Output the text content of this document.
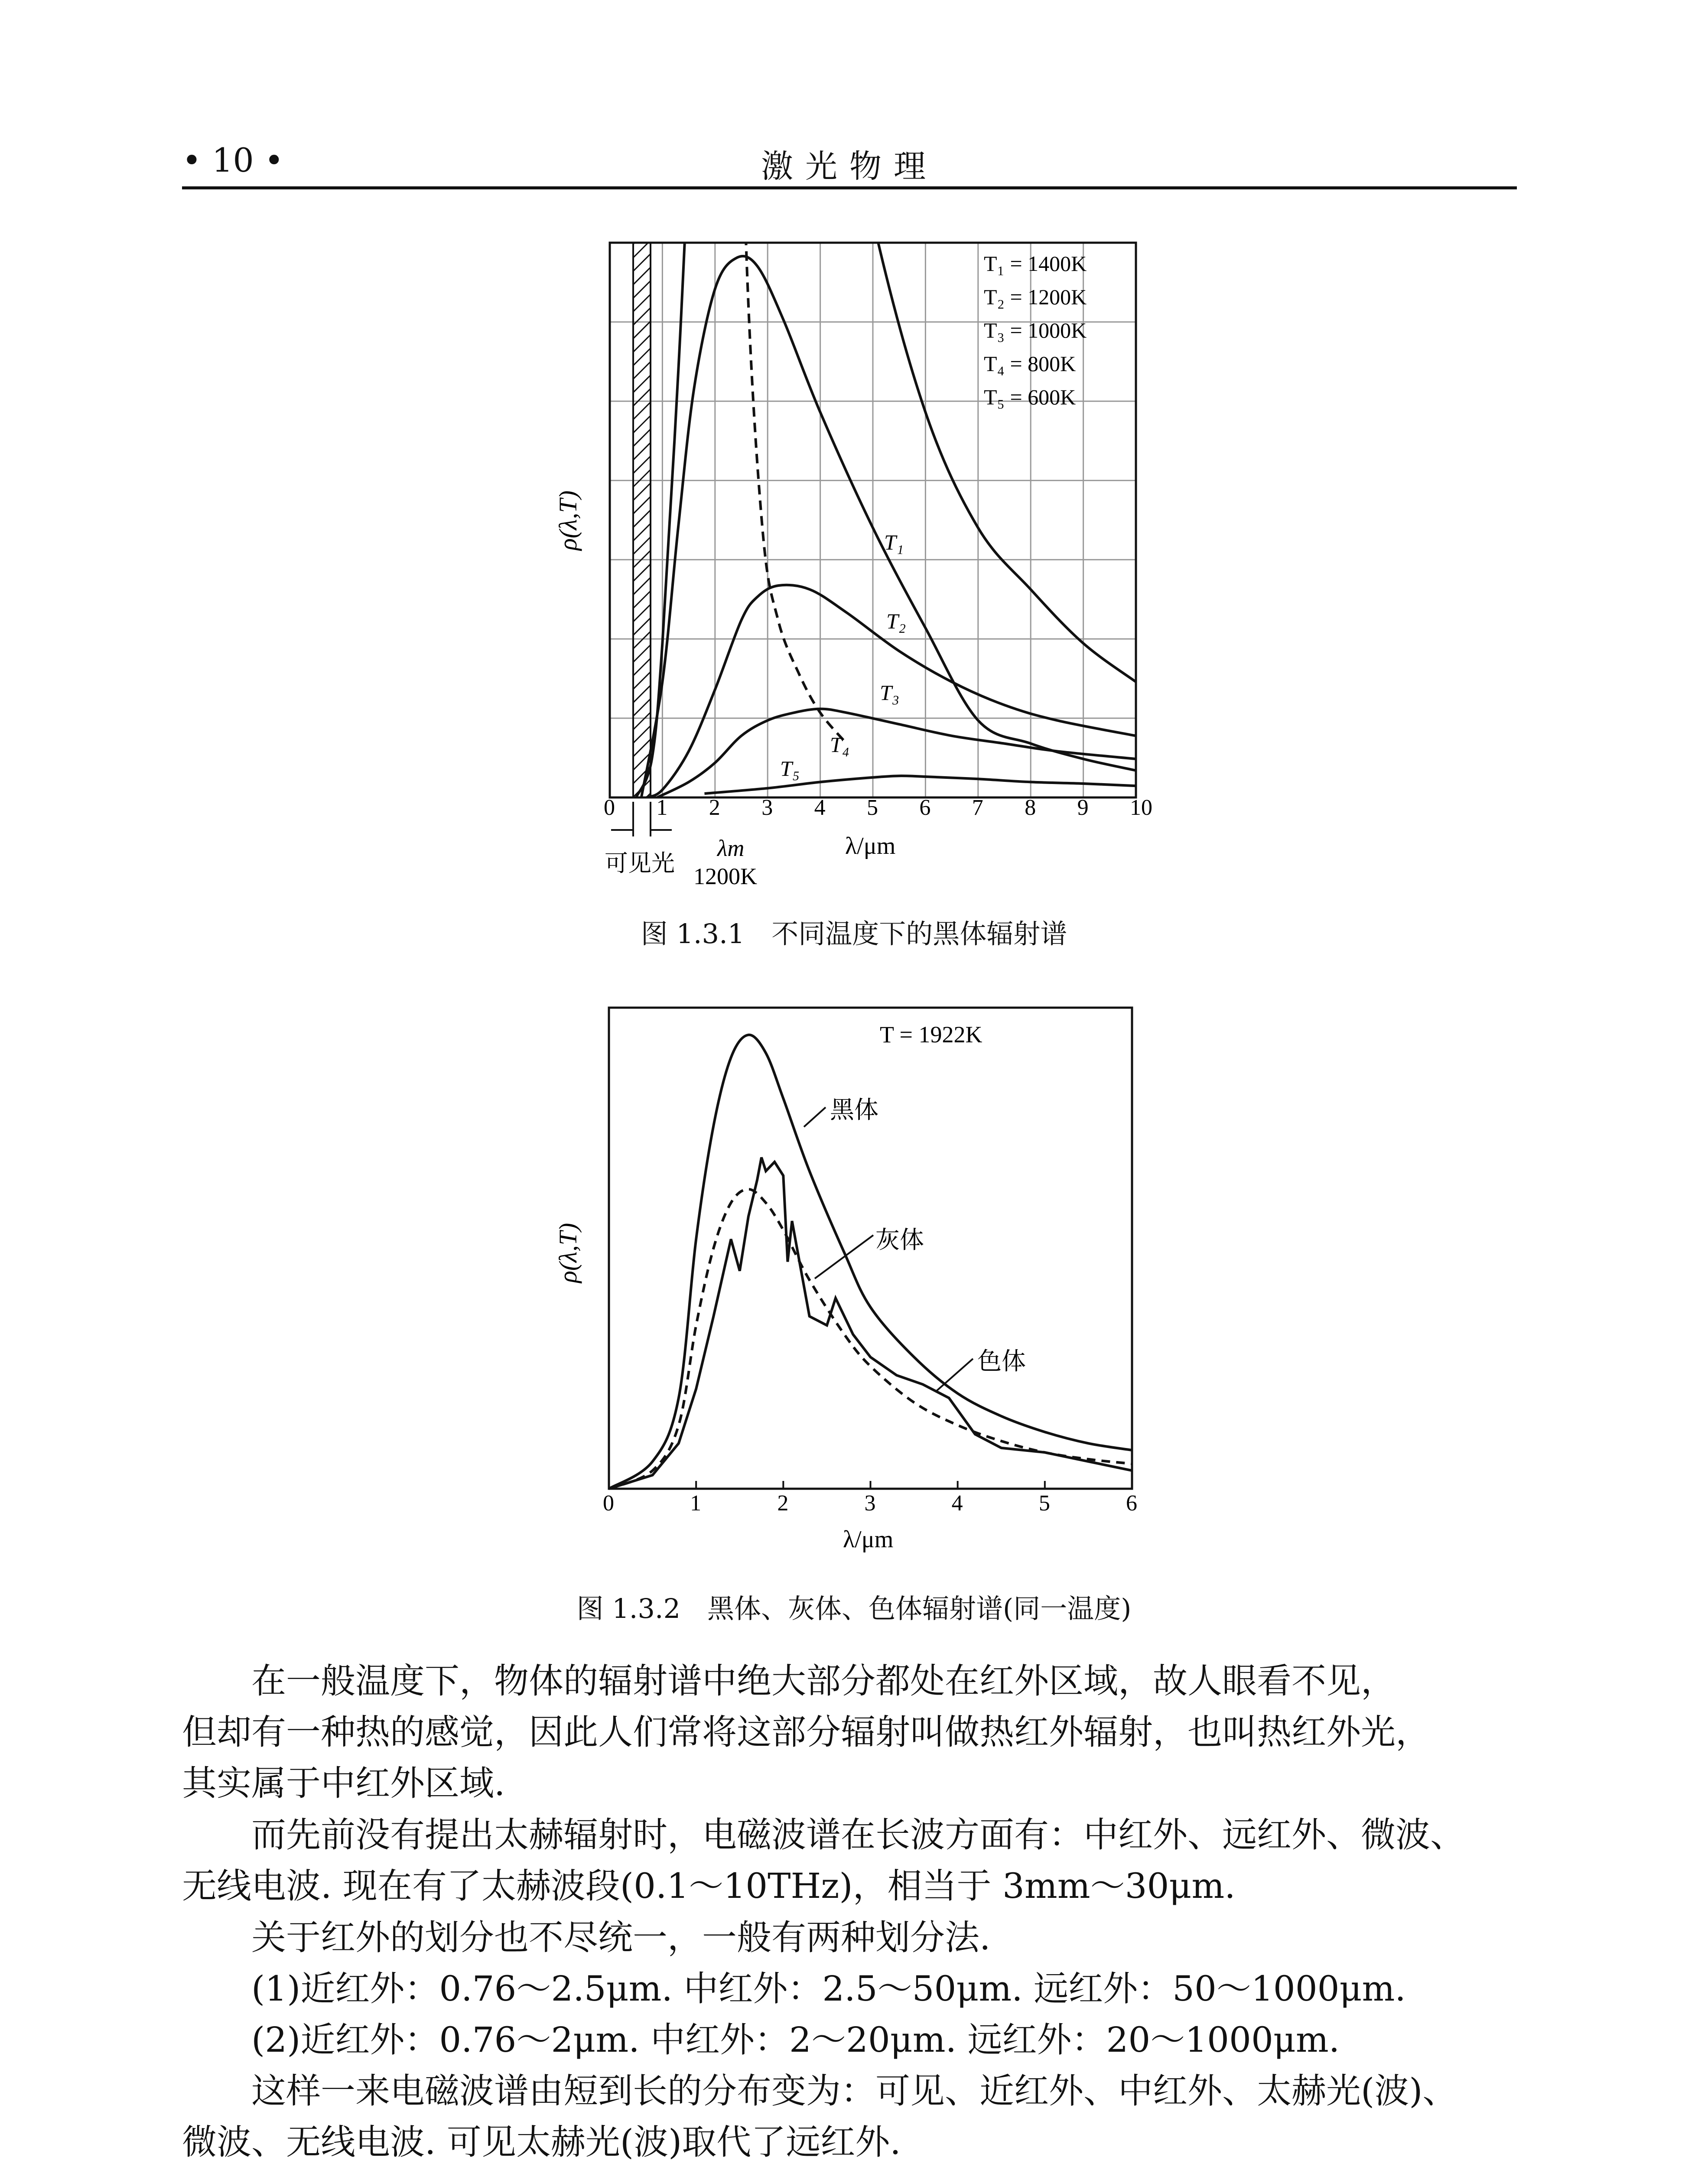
• 10 •	激光物理
0 1 2 3 4 5 6 7 8 9 10
T₁ = 1400K
T₂ = 1200K
T₃ = 1000K
T₄ = 800K
T₅ = 600K
T₁
T₂
T₃
T₄
T₅
ρ(λ,T)
λ/μm
可见光
λm
1200K
图 1.3.1　不同温度下的黑体辐射谱
0	1	2	3	4	5	6
T = 1922K
黑体
灰体
色体
ρ(λ,T)
λ/μm
图 1.3.2　黑体、灰体、色体辐射谱(同一温度)
在一般温度下，物体的辐射谱中绝大部分都处在红外区域，故人眼看不见，
但却有一种热的感觉，因此人们常将这部分辐射叫做热红外辐射，也叫热红外光，
其实属于中红外区域.
而先前没有提出太赫辐射时，电磁波谱在长波方面有：中红外、远红外、微波、
无线电波. 现在有了太赫波段(0.1～10THz)，相当于 3mm～30μm.
关于红外的划分也不尽统一，一般有两种划分法.
(1)近红外：0.76～2.5μm. 中红外：2.5～50μm. 远红外：50～1000μm.
(2)近红外：0.76～2μm. 中红外：2～20μm. 远红外：20～1000μm.
这样一来电磁波谱由短到长的分布变为：可见、近红外、中红外、太赫光(波)、
微波、无线电波. 可见太赫光(波)取代了远红外.
